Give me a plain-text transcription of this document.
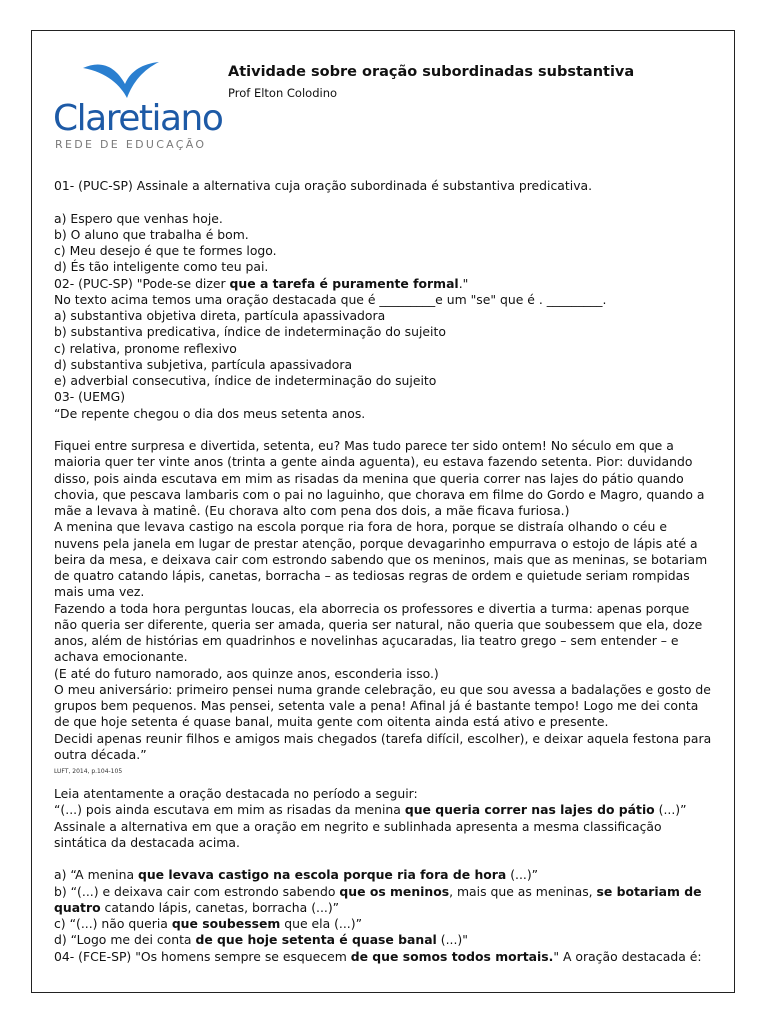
Claretiano
REDE DE EDUCAÇÃO
Atividade sobre oração subordinadas substantiva
Prof Elton Colodino

01- (PUC-SP) Assinale a alternativa cuja oração subordinada é substantiva predicativa.

a) Espero que venhas hoje.

b) O aluno que trabalha é bom.

c) Meu desejo é que te formes logo.

d) És tão inteligente como teu pai.

02- (PUC-SP) "Pode-se dizer que a tarefa é puramente formal."

No texto acima temos uma oração destacada que é _________e um "se" que é . _________.

a) substantiva objetiva direta, partícula apassivadora

b) substantiva predicativa, índice de indeterminação do sujeito

c) relativa, pronome reflexivo

d) substantiva subjetiva, partícula apassivadora

e) adverbial consecutiva, índice de indeterminação do sujeito

03- (UEMG)

“De repente chegou o dia dos meus setenta anos.

Fiquei entre surpresa e divertida, setenta, eu? Mas tudo parece ter sido ontem! No século em que a maioria quer ter vinte anos (trinta a gente ainda aguenta), eu estava fazendo setenta. Pior: duvidando disso, pois ainda escutava em mim as risadas da menina que queria correr nas lajes do pátio quando chovia, que pescava lambaris com o pai no laguinho, que chorava em filme do Gordo e Magro, quando a mãe a levava à matinê. (Eu chorava alto com pena dos dois, a mãe ficava furiosa.)

A menina que levava castigo na escola porque ria fora de hora, porque se distraía olhando o céu e nuvens pela janela em lugar de prestar atenção, porque devagarinho empurrava o estojo de lápis até a beira da mesa, e deixava cair com estrondo sabendo que os meninos, mais que as meninas, se botariam de quatro catando lápis, canetas, borracha – as tediosas regras de ordem e quietude seriam rompidas mais uma vez.

Fazendo a toda hora perguntas loucas, ela aborrecia os professores e divertia a turma: apenas porque não queria ser diferente, queria ser amada, queria ser natural, não queria que soubessem que ela, doze anos, além de histórias em quadrinhos e novelinhas açucaradas, lia teatro grego – sem entender – e achava emocionante.

(E até do futuro namorado, aos quinze anos, esconderia isso.)

O meu aniversário: primeiro pensei numa grande celebração, eu que sou avessa a badalações e gosto de grupos bem pequenos. Mas pensei, setenta vale a pena! Afinal já é bastante tempo! Logo me dei conta de que hoje setenta é quase banal, muita gente com oitenta ainda está ativo e presente.

Decidi apenas reunir filhos e amigos mais chegados (tarefa difícil, escolher), e deixar aquela festona para outra década.”

LUFT, 2014, p.104-105

Leia atentamente a oração destacada no período a seguir:

“(...) pois ainda escutava em mim as risadas da menina que queria correr nas lajes do pátio (...)”

Assinale a alternativa em que a oração em negrito e sublinhada apresenta a mesma classificação sintática da destacada acima.

a) “A menina que levava castigo na escola porque ria fora de hora (...)”

b) “(...) e deixava cair com estrondo sabendo que os meninos, mais que as meninas, se botariam de quatro catando lápis, canetas, borracha (...)”

c) “(...) não queria que soubessem que ela (...)”

d) “Logo me dei conta de que hoje setenta é quase banal (...)"

04- (FCE-SP) "Os homens sempre se esquecem de que somos todos mortais." A oração destacada é:
